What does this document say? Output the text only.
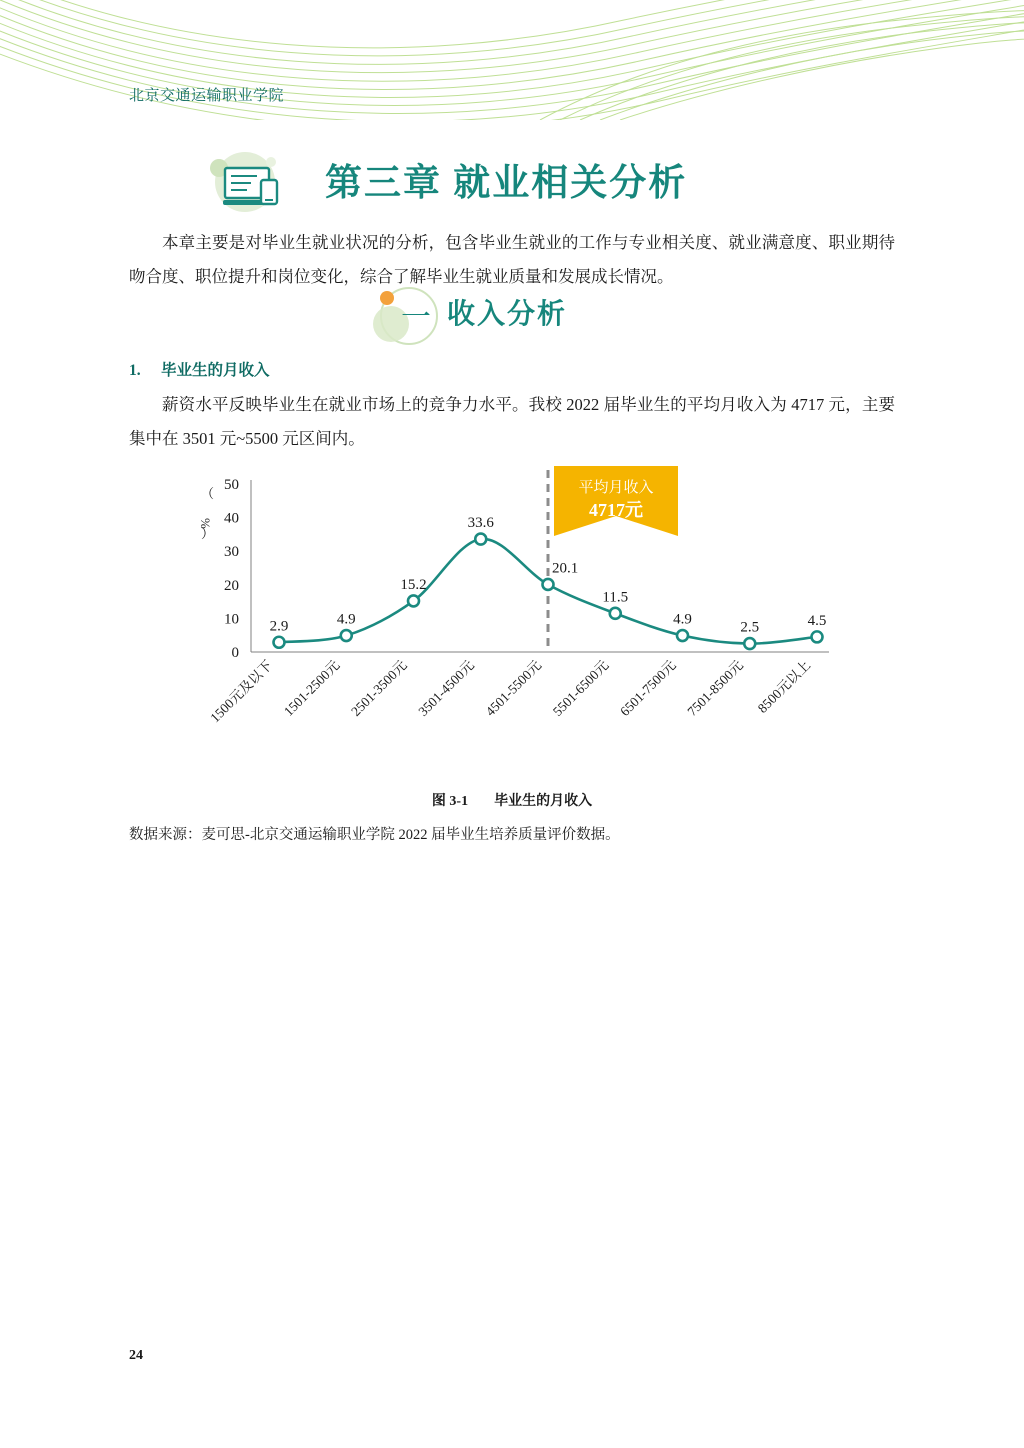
北京交通运输职业学院
第三章 就业相关分析
本章主要是对毕业生就业状况的分析，包含毕业生就业的工作与专业相关度、就业满意度、职业期待吻合度、职位提升和岗位变化，综合了解毕业生就业质量和发展成长情况。
一 收入分析
1. 毕业生的月收入
薪资水平反映毕业生在就业市场上的竞争力水平。我校 2022 届毕业生的平均月收入为 4717 元，主要集中在 3501 元~5500 元区间内。
（
%
）
0
10
20
30
40
50	平均月收入
4717元
2.9	4.9
15.2
33.6
20.1
11.5
4.9
2.5	4.5
1500元及以下 1501-2500元 2501-3500元 3501-4500元 4501-5500元 5501-6500元 6501-7500元 7501-8500元 8500元以上
图 3-1 毕业生的月收入
数据来源：麦可思-北京交通运输职业学院 2022 届毕业生培养质量评价数据。
24
